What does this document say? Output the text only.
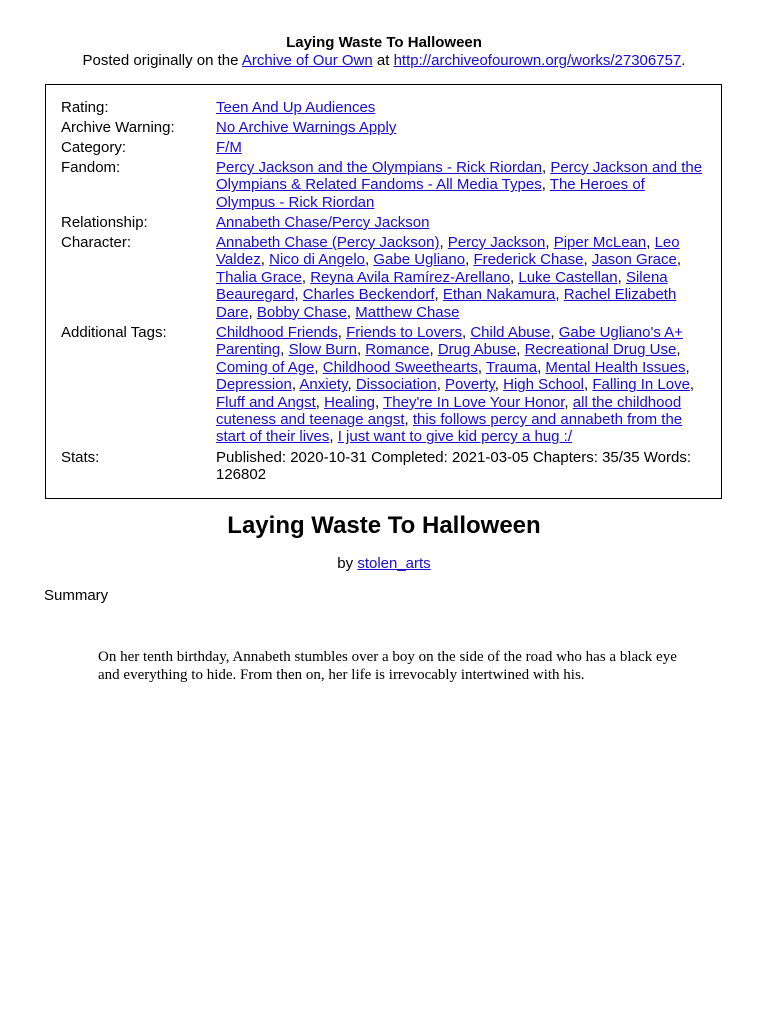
Laying Waste To Halloween
Posted originally on the Archive of Our Own at http://archiveofourown.org/works/27306757.
Rating:	Teen And Up Audiences
Archive Warning:	No Archive Warnings Apply
Category:	F/M
Fandom:	Percy Jackson and the Olympians - Rick Riordan, Percy Jackson and the Olympians & Related Fandoms - All Media Types, The Heroes of Olympus - Rick Riordan
Relationship:	Annabeth Chase/Percy Jackson
Character:	Annabeth Chase (Percy Jackson), Percy Jackson, Piper McLean, Leo Valdez, Nico di Angelo, Gabe Ugliano, Frederick Chase, Jason Grace, Thalia Grace, Reyna Avila Ramírez-Arellano, Luke Castellan, Silena Beauregard, Charles Beckendorf, Ethan Nakamura, Rachel Elizabeth Dare, Bobby Chase, Matthew Chase
Additional Tags:	Childhood Friends, Friends to Lovers, Child Abuse, Gabe Ugliano's A+ Parenting, Slow Burn, Romance, Drug Abuse, Recreational Drug Use, Coming of Age, Childhood Sweethearts, Trauma, Mental Health Issues, Depression, Anxiety, Dissociation, Poverty, High School, Falling In Love, Fluff and Angst, Healing, They're In Love Your Honor, all the childhood cuteness and teenage angst, this follows percy and annabeth from the start of their lives, I just want to give kid percy a hug :/
Stats:	Published: 2020-10-31 Completed: 2021-03-05 Chapters: 35/35 Words: 126802
Laying Waste To Halloween
by stolen_arts
Summary
On her tenth birthday, Annabeth stumbles over a boy on the side of the road who has a black eye and everything to hide. From then on, her life is irrevocably intertwined with his.
